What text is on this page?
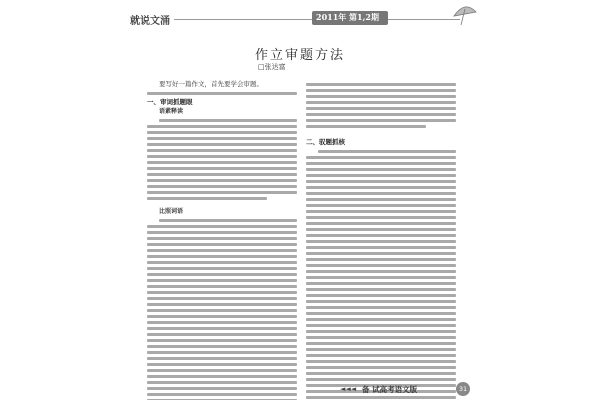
就说文涌	2011年 第1,2期
作立审题方法
□张达富

要写好一篇作文，首先要学会审题。

一、审词抓题眼
语素释读
比照词语
二、驭题抓核
◄◄◄ 备 试高考语文版	31
